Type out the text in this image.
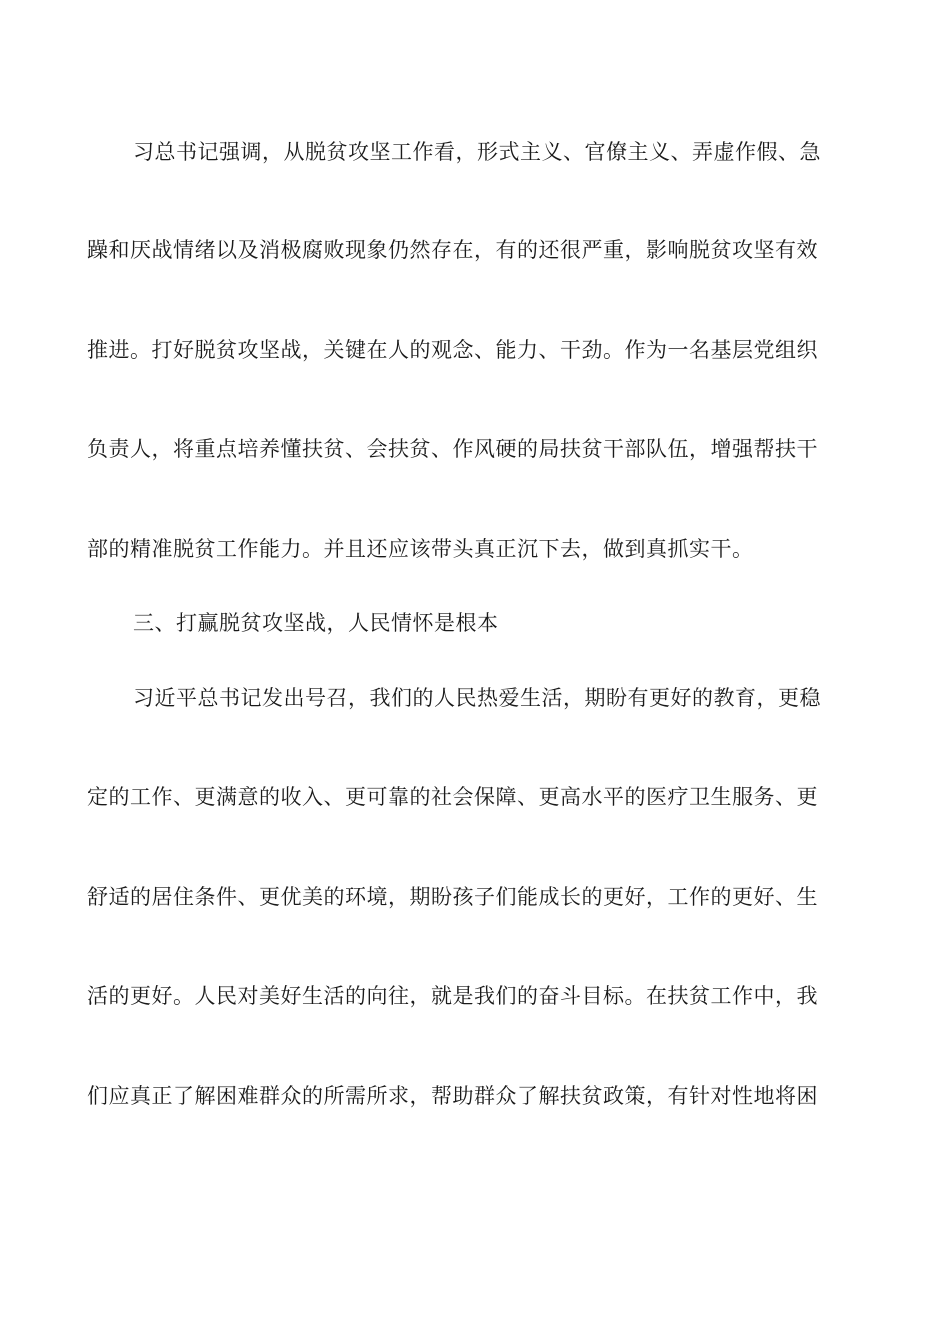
习总书记强调，从脱贫攻坚工作看，形式主义、官僚主义、弄虚作假、急
躁和厌战情绪以及消极腐败现象仍然存在，有的还很严重，影响脱贫攻坚有效
推进。打好脱贫攻坚战，关键在人的观念、能力、干劲。作为一名基层党组织
负责人，将重点培养懂扶贫、会扶贫、作风硬的局扶贫干部队伍，增强帮扶干
部的精准脱贫工作能力。并且还应该带头真正沉下去，做到真抓实干。
三、打赢脱贫攻坚战，人民情怀是根本
习近平总书记发出号召，我们的人民热爱生活，期盼有更好的教育，更稳
定的工作、更满意的收入、更可靠的社会保障、更高水平的医疗卫生服务、更
舒适的居住条件、更优美的环境，期盼孩子们能成长的更好，工作的更好、生
活的更好。人民对美好生活的向往，就是我们的奋斗目标。在扶贫工作中，我
们应真正了解困难群众的所需所求，帮助群众了解扶贫政策，有针对性地将困
